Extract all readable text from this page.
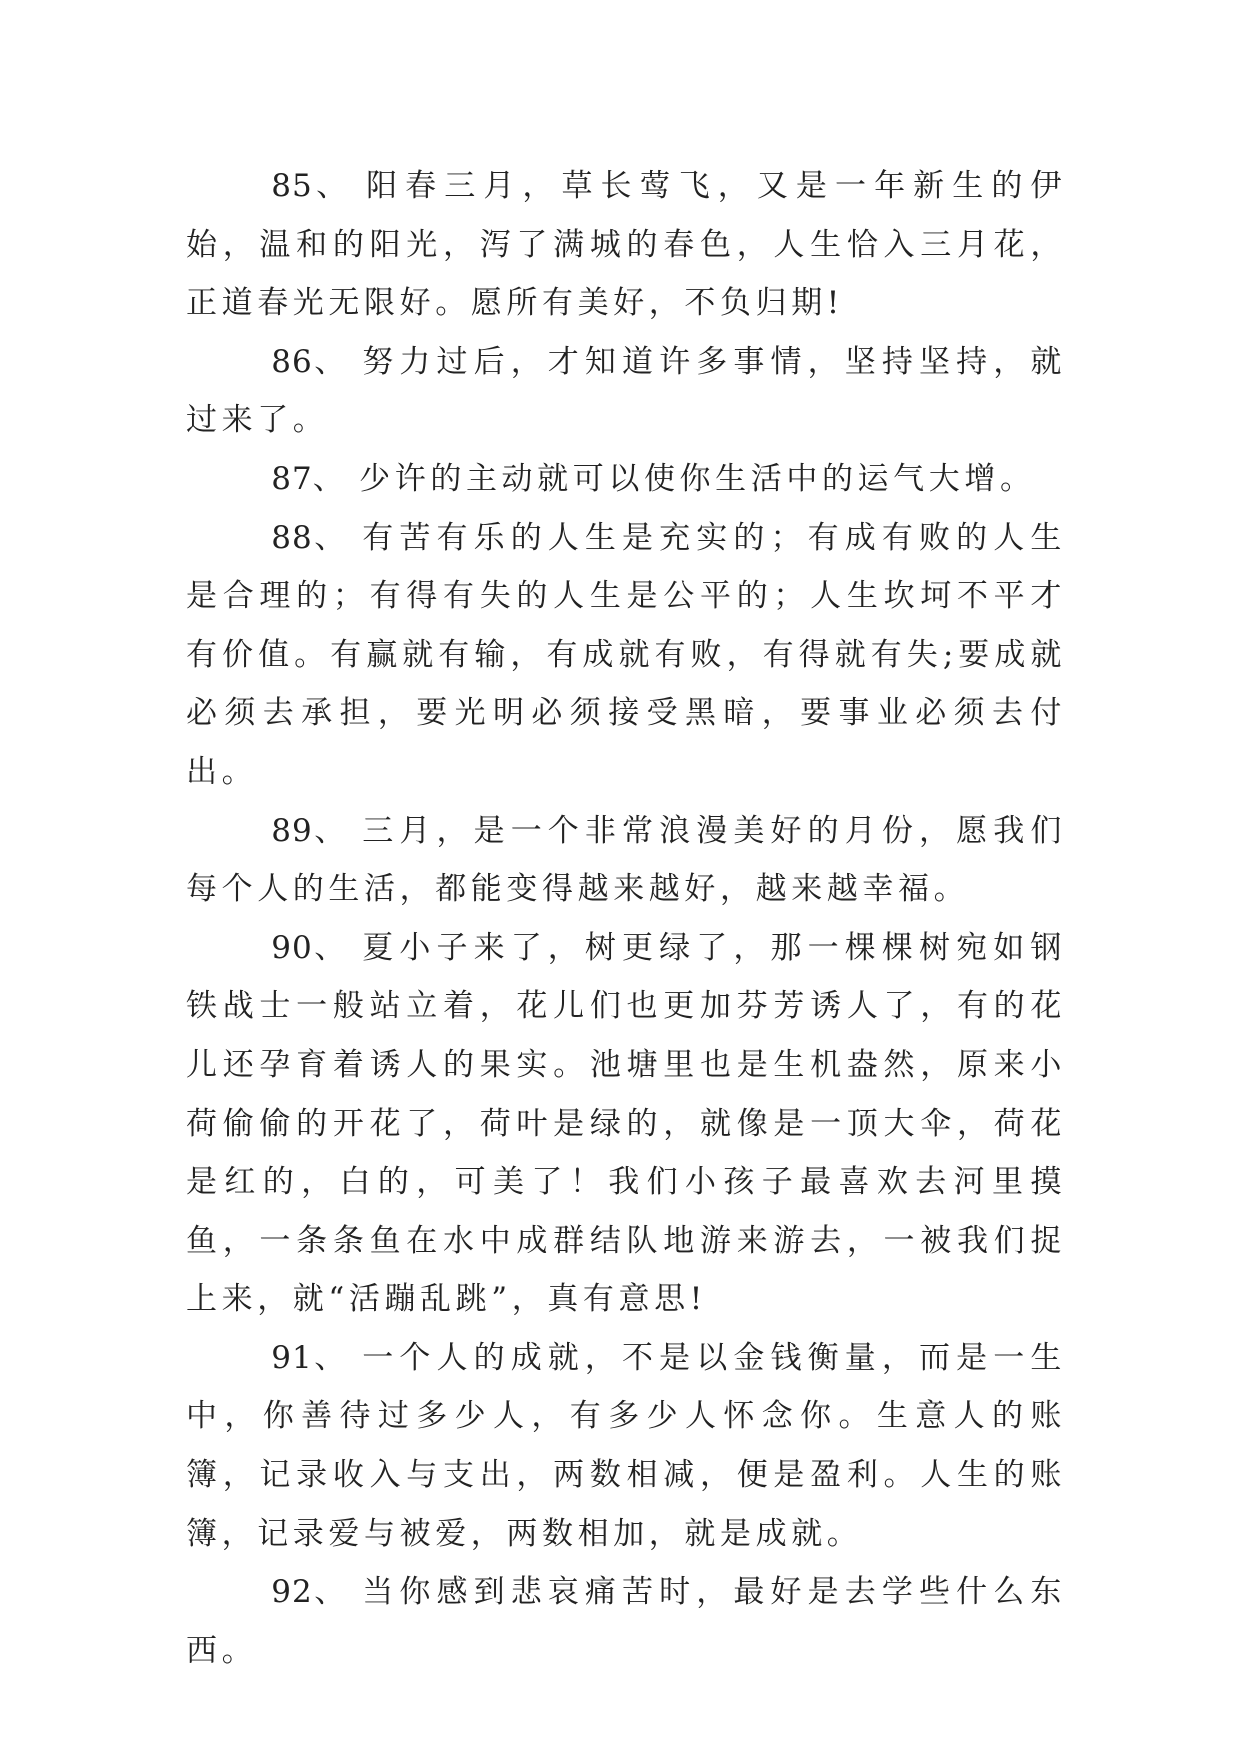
85、 阳春三月，草长莺飞，又是一年新生的伊始，温和的阳光，泻了满城的春色，人生恰入三月花，正道春光无限好。愿所有美好，不负归期!

86、 努力过后，才知道许多事情，坚持坚持，就过来了。

87、 少许的主动就可以使你生活中的运气大增。

88、 有苦有乐的人生是充实的；有成有败的人生是合理的；有得有失的人生是公平的；人生坎坷不平才有价值。有赢就有输，有成就有败，有得就有失;要成就必须去承担，要光明必须接受黑暗，要事业必须去付出。

89、 三月，是一个非常浪漫美好的月份，愿我们每个人的生活，都能变得越来越好，越来越幸福。

90、 夏小子来了，树更绿了，那一棵棵树宛如钢铁战士一般站立着，花儿们也更加芬芳诱人了，有的花儿还孕育着诱人的果实。池塘里也是生机盎然，原来小荷偷偷的开花了，荷叶是绿的，就像是一顶大伞，荷花是红的，白的，可美了！我们小孩子最喜欢去河里摸鱼，一条条鱼在水中成群结队地游来游去，一被我们捉上来，就“活蹦乱跳”，真有意思!

91、 一个人的成就，不是以金钱衡量，而是一生中，你善待过多少人，有多少人怀念你。生意人的账簿，记录收入与支出，两数相减，便是盈利。人生的账簿，记录爱与被爱，两数相加，就是成就。

92、 当你感到悲哀痛苦时，最好是去学些什么东西。
